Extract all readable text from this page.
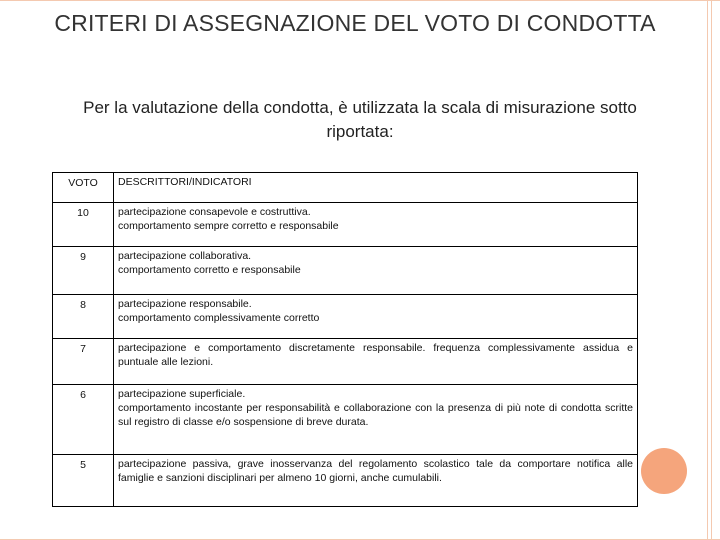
CRITERI DI ASSEGNAZIONE DEL VOTO DI CONDOTTA
Per la valutazione della condotta, è utilizzata la scala di misurazione sotto riportata:
VOTO	DESCRITTORI/INDICATORI
10	partecipazione consapevole e costruttiva.
comportamento sempre corretto e responsabile

9	partecipazione collaborativa.
comportamento corretto e responsabile

8	partecipazione responsabile.
comportamento complessivamente corretto

7	partecipazione e comportamento discretamente responsabile. frequenza complessivamente assidua e puntuale alle lezioni.

6	partecipazione superficiale.
comportamento incostante per responsabilità e collaborazione con la presenza di più note di condotta scritte sul registro di classe e/o sospensione di breve durata.

5	partecipazione passiva, grave inosservanza del regolamento scolastico tale da comportare notifica alle famiglie e sanzioni disciplinari per almeno 10 giorni, anche cumulabili.
